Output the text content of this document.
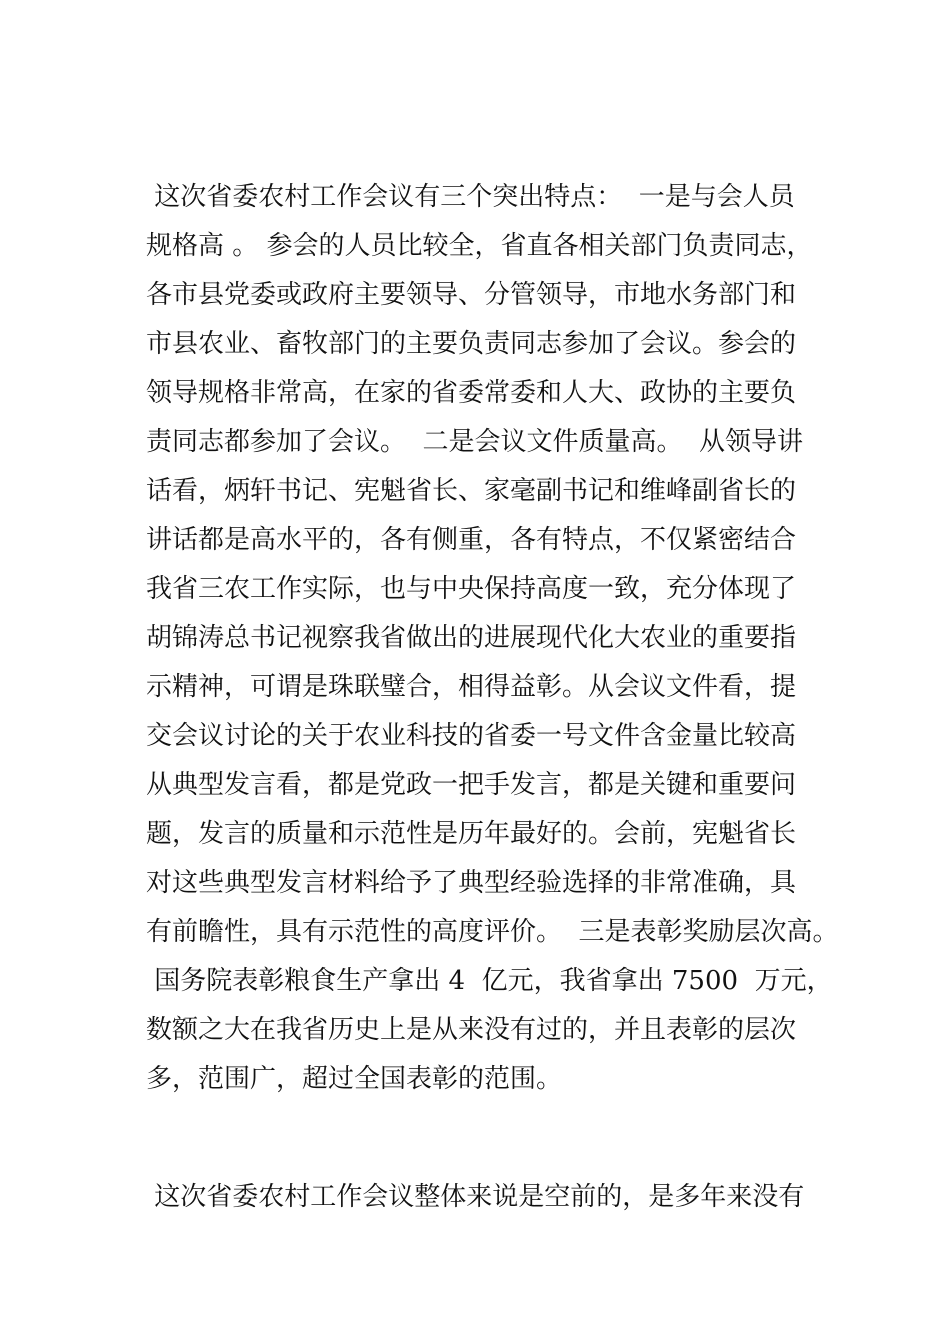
这次省委农村工作会议有三个突出特点：  一是与会人员
规格高 。 参会的人员比较全，省直各相关部门负责同志，
各市县党委或政府主要领导、分管领导，市地水务部门和
市县农业、畜牧部门的主要负责同志参加了会议。参会的
领导规格非常高，在家的省委常委和人大、政协的主要负
责同志都参加了会议。  二是会议文件质量高。  从领导讲
话看，炳轩书记、宪魁省长、家毫副书记和维峰副省长的
讲话都是高水平的，各有侧重，各有特点，不仅紧密结合
我省三农工作实际，也与中央保持高度一致，充分体现了
胡锦涛总书记视察我省做出的进展现代化大农业的重要指
示精神，可谓是珠联璧合，相得益彰。从会议文件看，提
交会议讨论的关于农业科技的省委一号文件含金量比较高
从典型发言看，都是党政一把手发言，都是关键和重要问
题，发言的质量和示范性是历年最好的。会前，宪魁省长
对这些典型发言材料给予了典型经验选择的非常准确，具
有前瞻性，具有示范性的高度评价。  三是表彰奖励层次高。
国务院表彰粮食生产拿出 4  亿元，我省拿出 7500  万元，
数额之大在我省历史上是从来没有过的，并且表彰的层次
多，范围广，超过全国表彰的范围。
这次省委农村工作会议整体来说是空前的，是多年来没有
